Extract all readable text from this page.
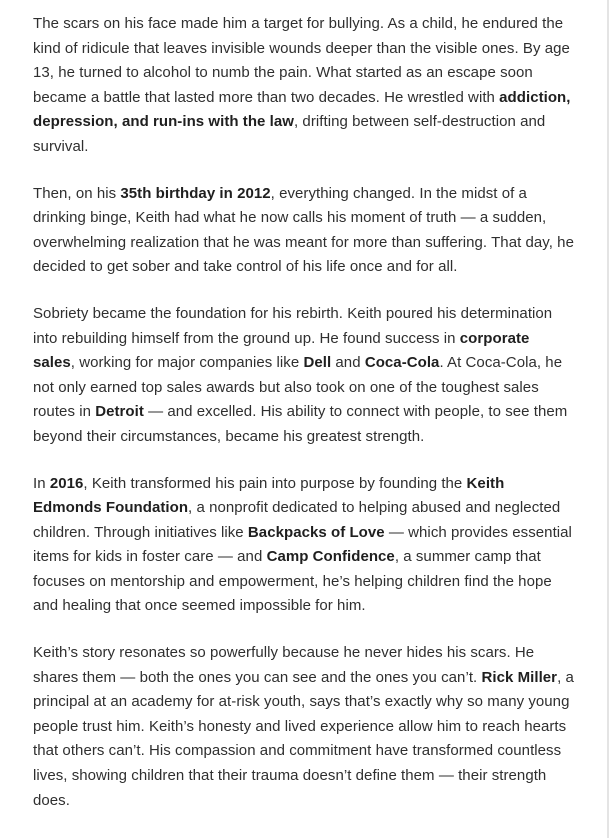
The scars on his face made him a target for bullying. As a child, he endured the kind of ridicule that leaves invisible wounds deeper than the visible ones. By age 13, he turned to alcohol to numb the pain. What started as an escape soon became a battle that lasted more than two decades. He wrestled with addiction, depression, and run-ins with the law, drifting between self-destruction and survival.

Then, on his 35th birthday in 2012, everything changed. In the midst of a drinking binge, Keith had what he now calls his moment of truth — a sudden, overwhelming realization that he was meant for more than suffering. That day, he decided to get sober and take control of his life once and for all.

Sobriety became the foundation for his rebirth. Keith poured his determination into rebuilding himself from the ground up. He found success in corporate sales, working for major companies like Dell and Coca-Cola. At Coca-Cola, he not only earned top sales awards but also took on one of the toughest sales routes in Detroit — and excelled. His ability to connect with people, to see them beyond their circumstances, became his greatest strength.

In 2016, Keith transformed his pain into purpose by founding the Keith Edmonds Foundation, a nonprofit dedicated to helping abused and neglected children. Through initiatives like Backpacks of Love — which provides essential items for kids in foster care — and Camp Confidence, a summer camp that focuses on mentorship and empowerment, he’s helping children find the hope and healing that once seemed impossible for him.

Keith’s story resonates so powerfully because he never hides his scars. He shares them — both the ones you can see and the ones you can’t. Rick Miller, a principal at an academy for at-risk youth, says that’s exactly why so many young people trust him. Keith’s honesty and lived experience allow him to reach hearts that others can’t. His compassion and commitment have transformed countless lives, showing children that their trauma doesn’t define them — their strength does.
